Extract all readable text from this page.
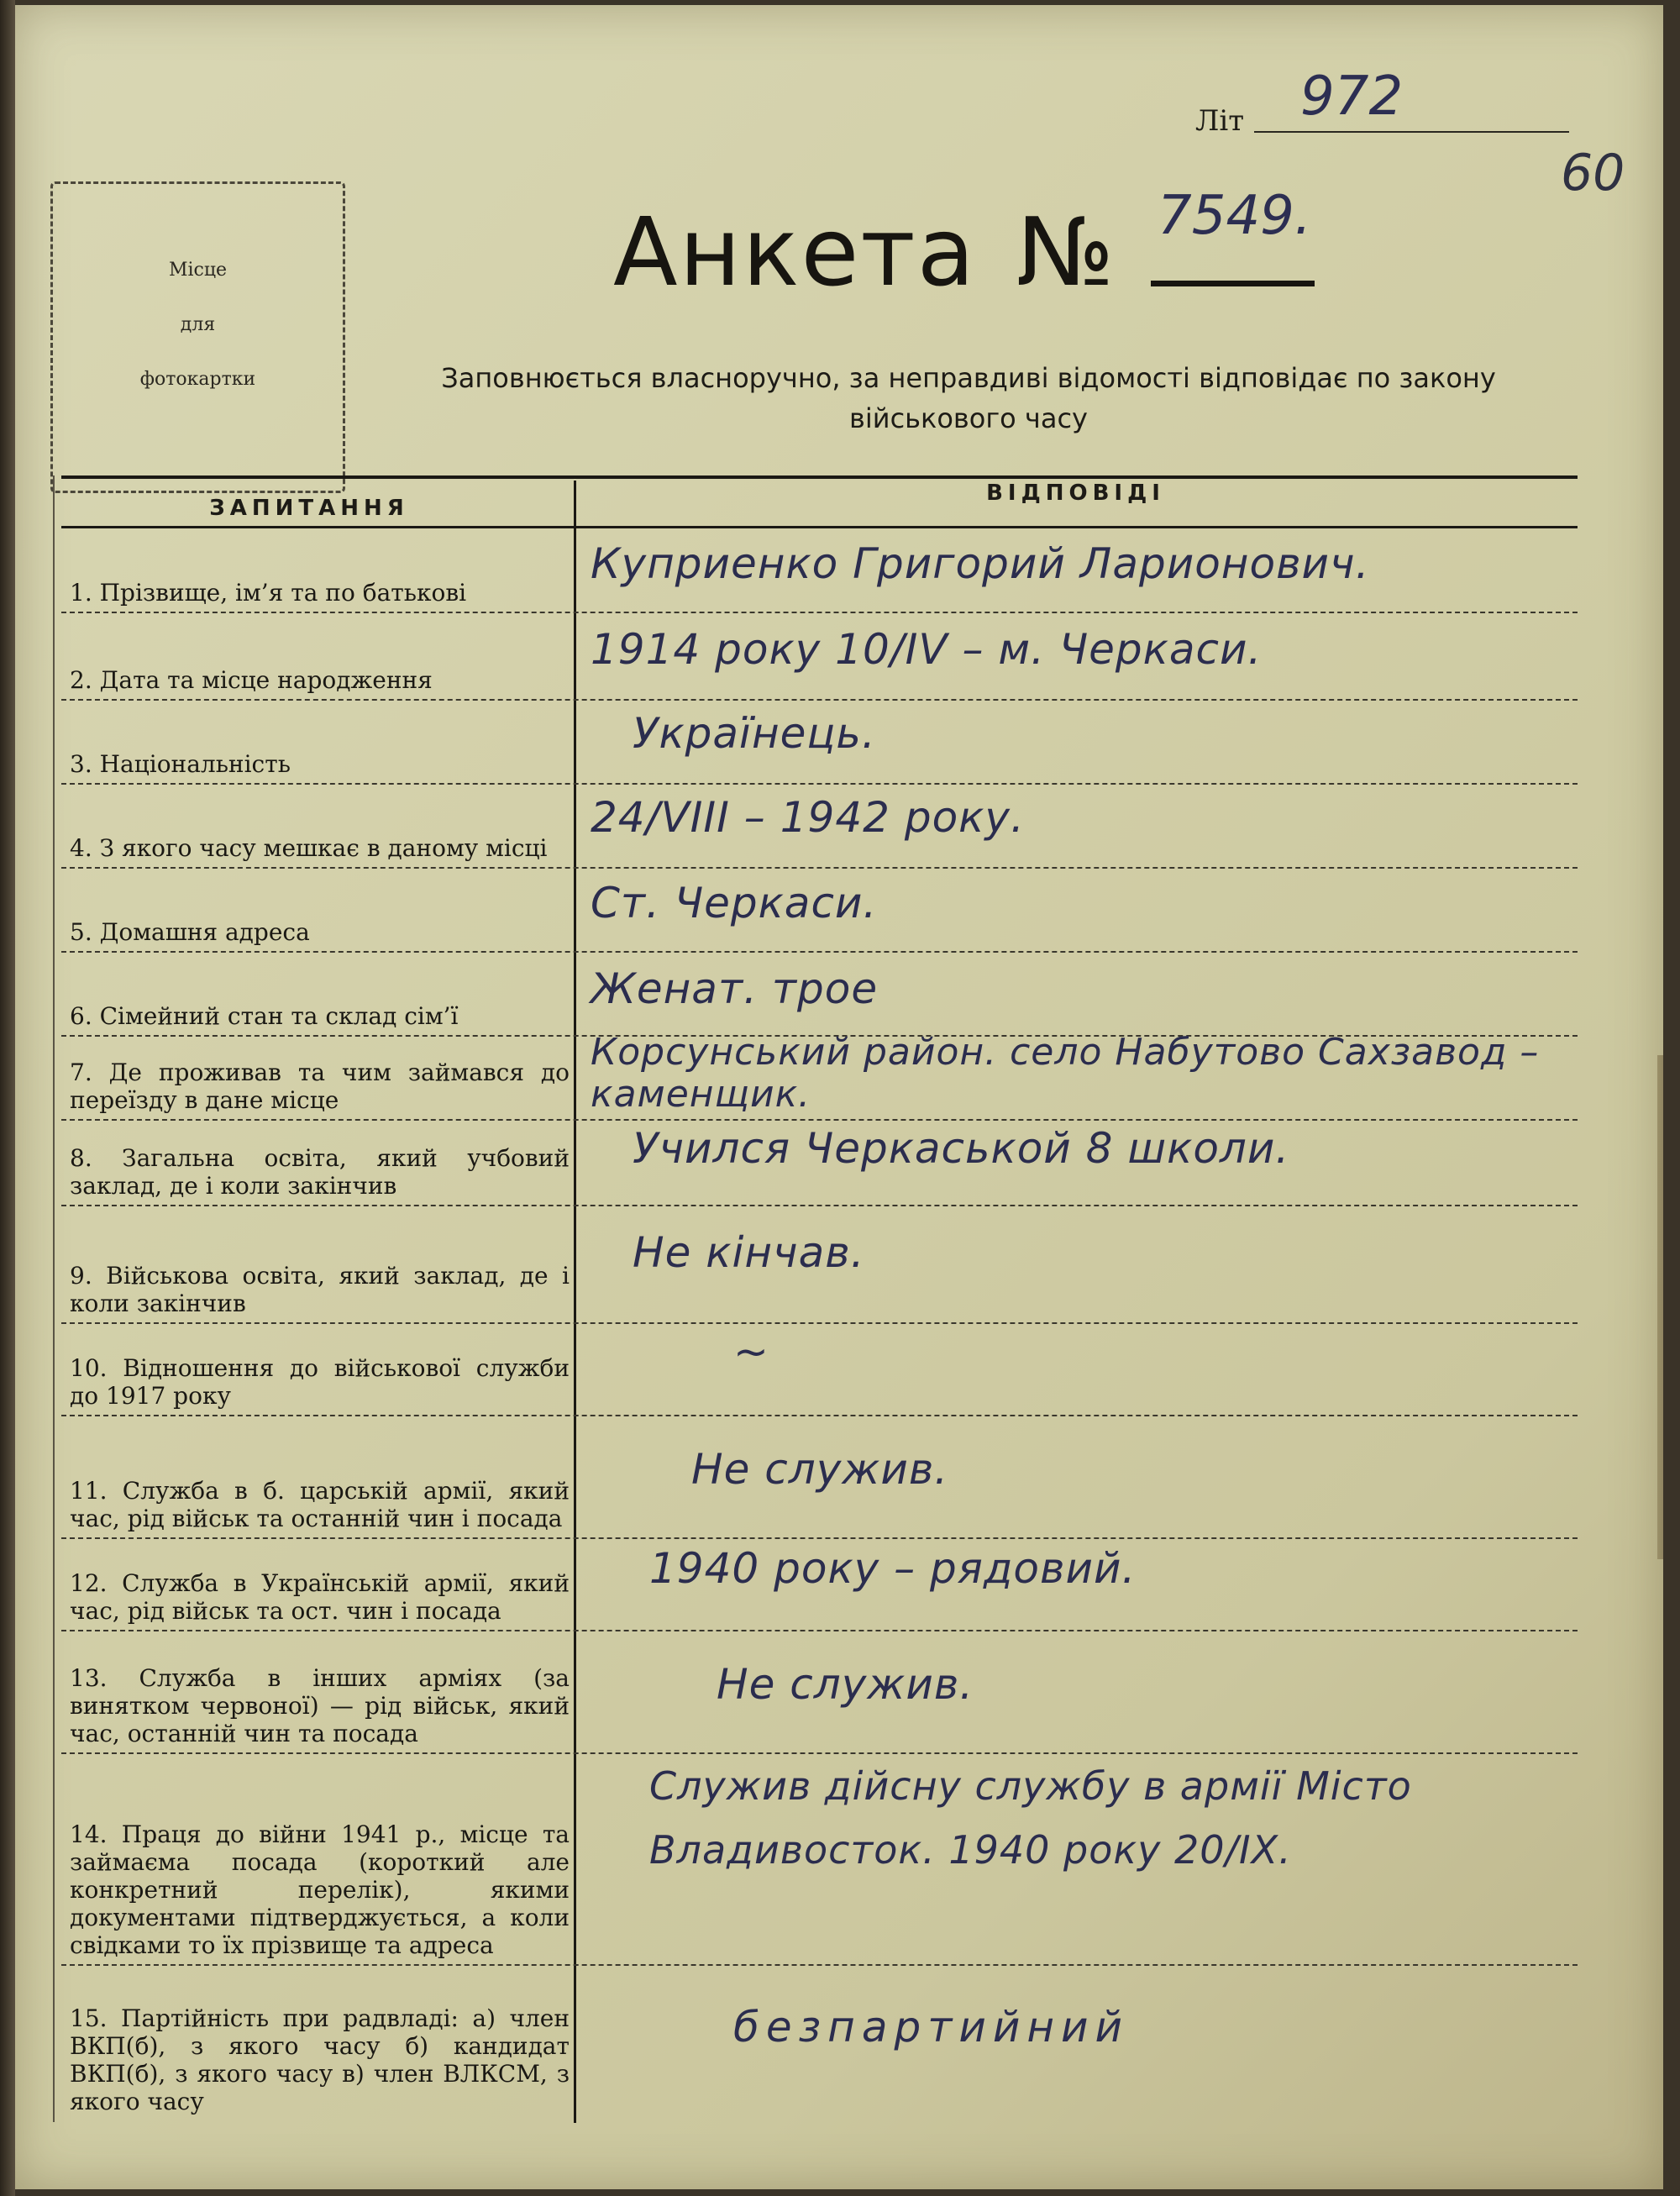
Літ 972
60
Місце
для
фотокартки
Анкета № 7549.
Заповнюється власноручно, за неправдиві відомості відповідає по закону військового часу
ВІДПОВІДІ
ЗАПИТАННЯ
1. Прізвище, ім’я та по батькові
Куприенко Григорий Ларионович.
2. Дата та місце народження
1914 року 10/IV – м. Черкаси.
3. Національність
Українець.
4. З якого часу мешкає в даному місці
24/VIII – 1942 року.
5. Домашня адреса
Ст. Черкаси.
6. Сімейний стан та склад сім’ї
Женат. трое
7. Де проживав та чим займався до переїзду в дане місце
Корсунський район. село Набутово Сахзавод – каменщик.
8. Загальна освіта, який учбовий заклад, де і коли закінчив
Учился Черкаськой 8 школи.
9. Військова освіта, який заклад, де і коли закінчив
Не кінчав.
10. Відношення до військової служби до 1917 року
~
11. Служба в б. царській армії, який час, рід військ та останній чин і посада
Не служив.
12. Служба в Українській армії, який час, рід військ та ост. чин і посада
1940 року – рядовий.
13. Служба в інших арміях (за винятком червоної) — рід військ, який час, останній чин та посада
Не служив.
14. Праця до війни 1941 р., місце та займаєма посада (короткий але конкретний перелік), якими документами підтверджується, а коли свідками то їх прізвище та адреса
Служив дійсну службу в армії Місто Владивосток. 1940 року 20/IX.
15. Партійність при радвладі: а) член ВКП(б), з якого часу б) кандидат ВКП(б), з якого часу в) член ВЛКСМ, з якого часу
безпартийний
